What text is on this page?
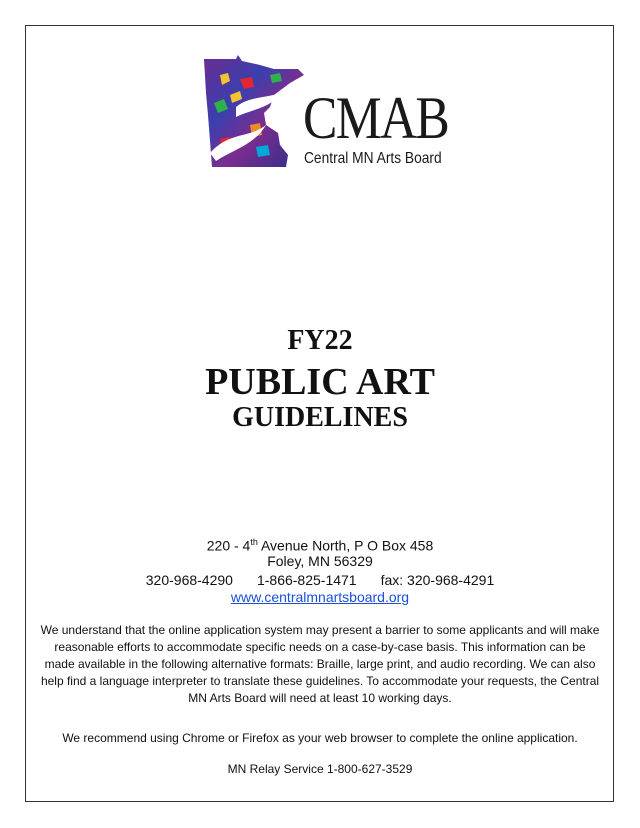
CMAB
Central MN Arts Board
FY22
PUBLIC ART
GUIDELINES
220 - 4th Avenue North, P O Box 458
Foley, MN 56329
320-968-4290 1-866-825-1471 fax: 320-968-4291
www.centralmnartsboard.org
We understand that the online application system may present a barrier to some applicants and will make reasonable efforts to accommodate specific needs on a case-by-case basis. This information can be made available in the following alternative formats: Braille, large print, and audio recording. We can also help find a language interpreter to translate these guidelines. To accommodate your requests, the Central MN Arts Board will need at least 10 working days.
We recommend using Chrome or Firefox as your web browser to complete the online application.
MN Relay Service 1-800-627-3529
